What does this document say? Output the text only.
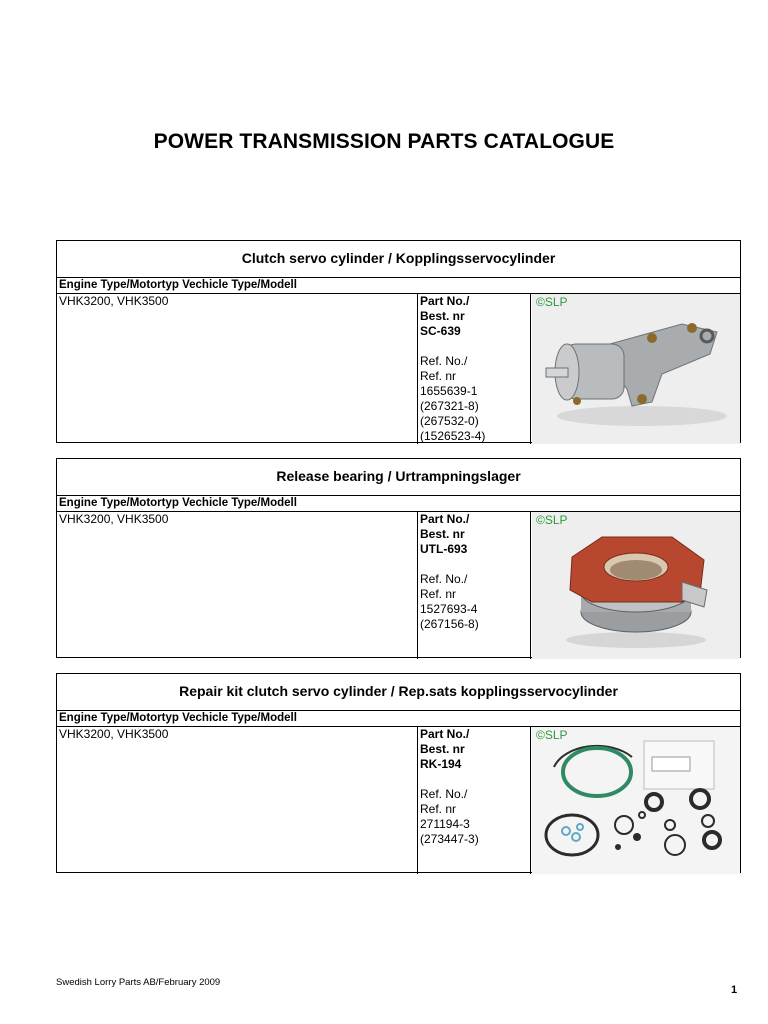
POWER TRANSMISSION PARTS CATALOGUE
Clutch servo cylinder / Kopplingsservocylinder
Engine Type/Motortyp Vechicle Type/Modell
VHK3200, VHK3500	Part No./
Best. nr
SC-639
Ref. No./
Ref. nr
1655639-1
(267321-8)
(267532-0)
(1526523-4)
©SLP
Release bearing / Urtrampningslager
Engine Type/Motortyp Vechicle Type/Modell
VHK3200, VHK3500	Part No./
Best. nr
UTL-693
Ref. No./
Ref. nr
1527693-4
(267156-8)
©SLP
Repair kit clutch servo cylinder / Rep.sats kopplingsservocylinder
Engine Type/Motortyp Vechicle Type/Modell
VHK3200, VHK3500	Part No./
Best. nr
RK-194
Ref. No./
Ref. nr
271194-3
(273447-3)
©SLP
Swedish Lorry Parts AB/February 2009
1
